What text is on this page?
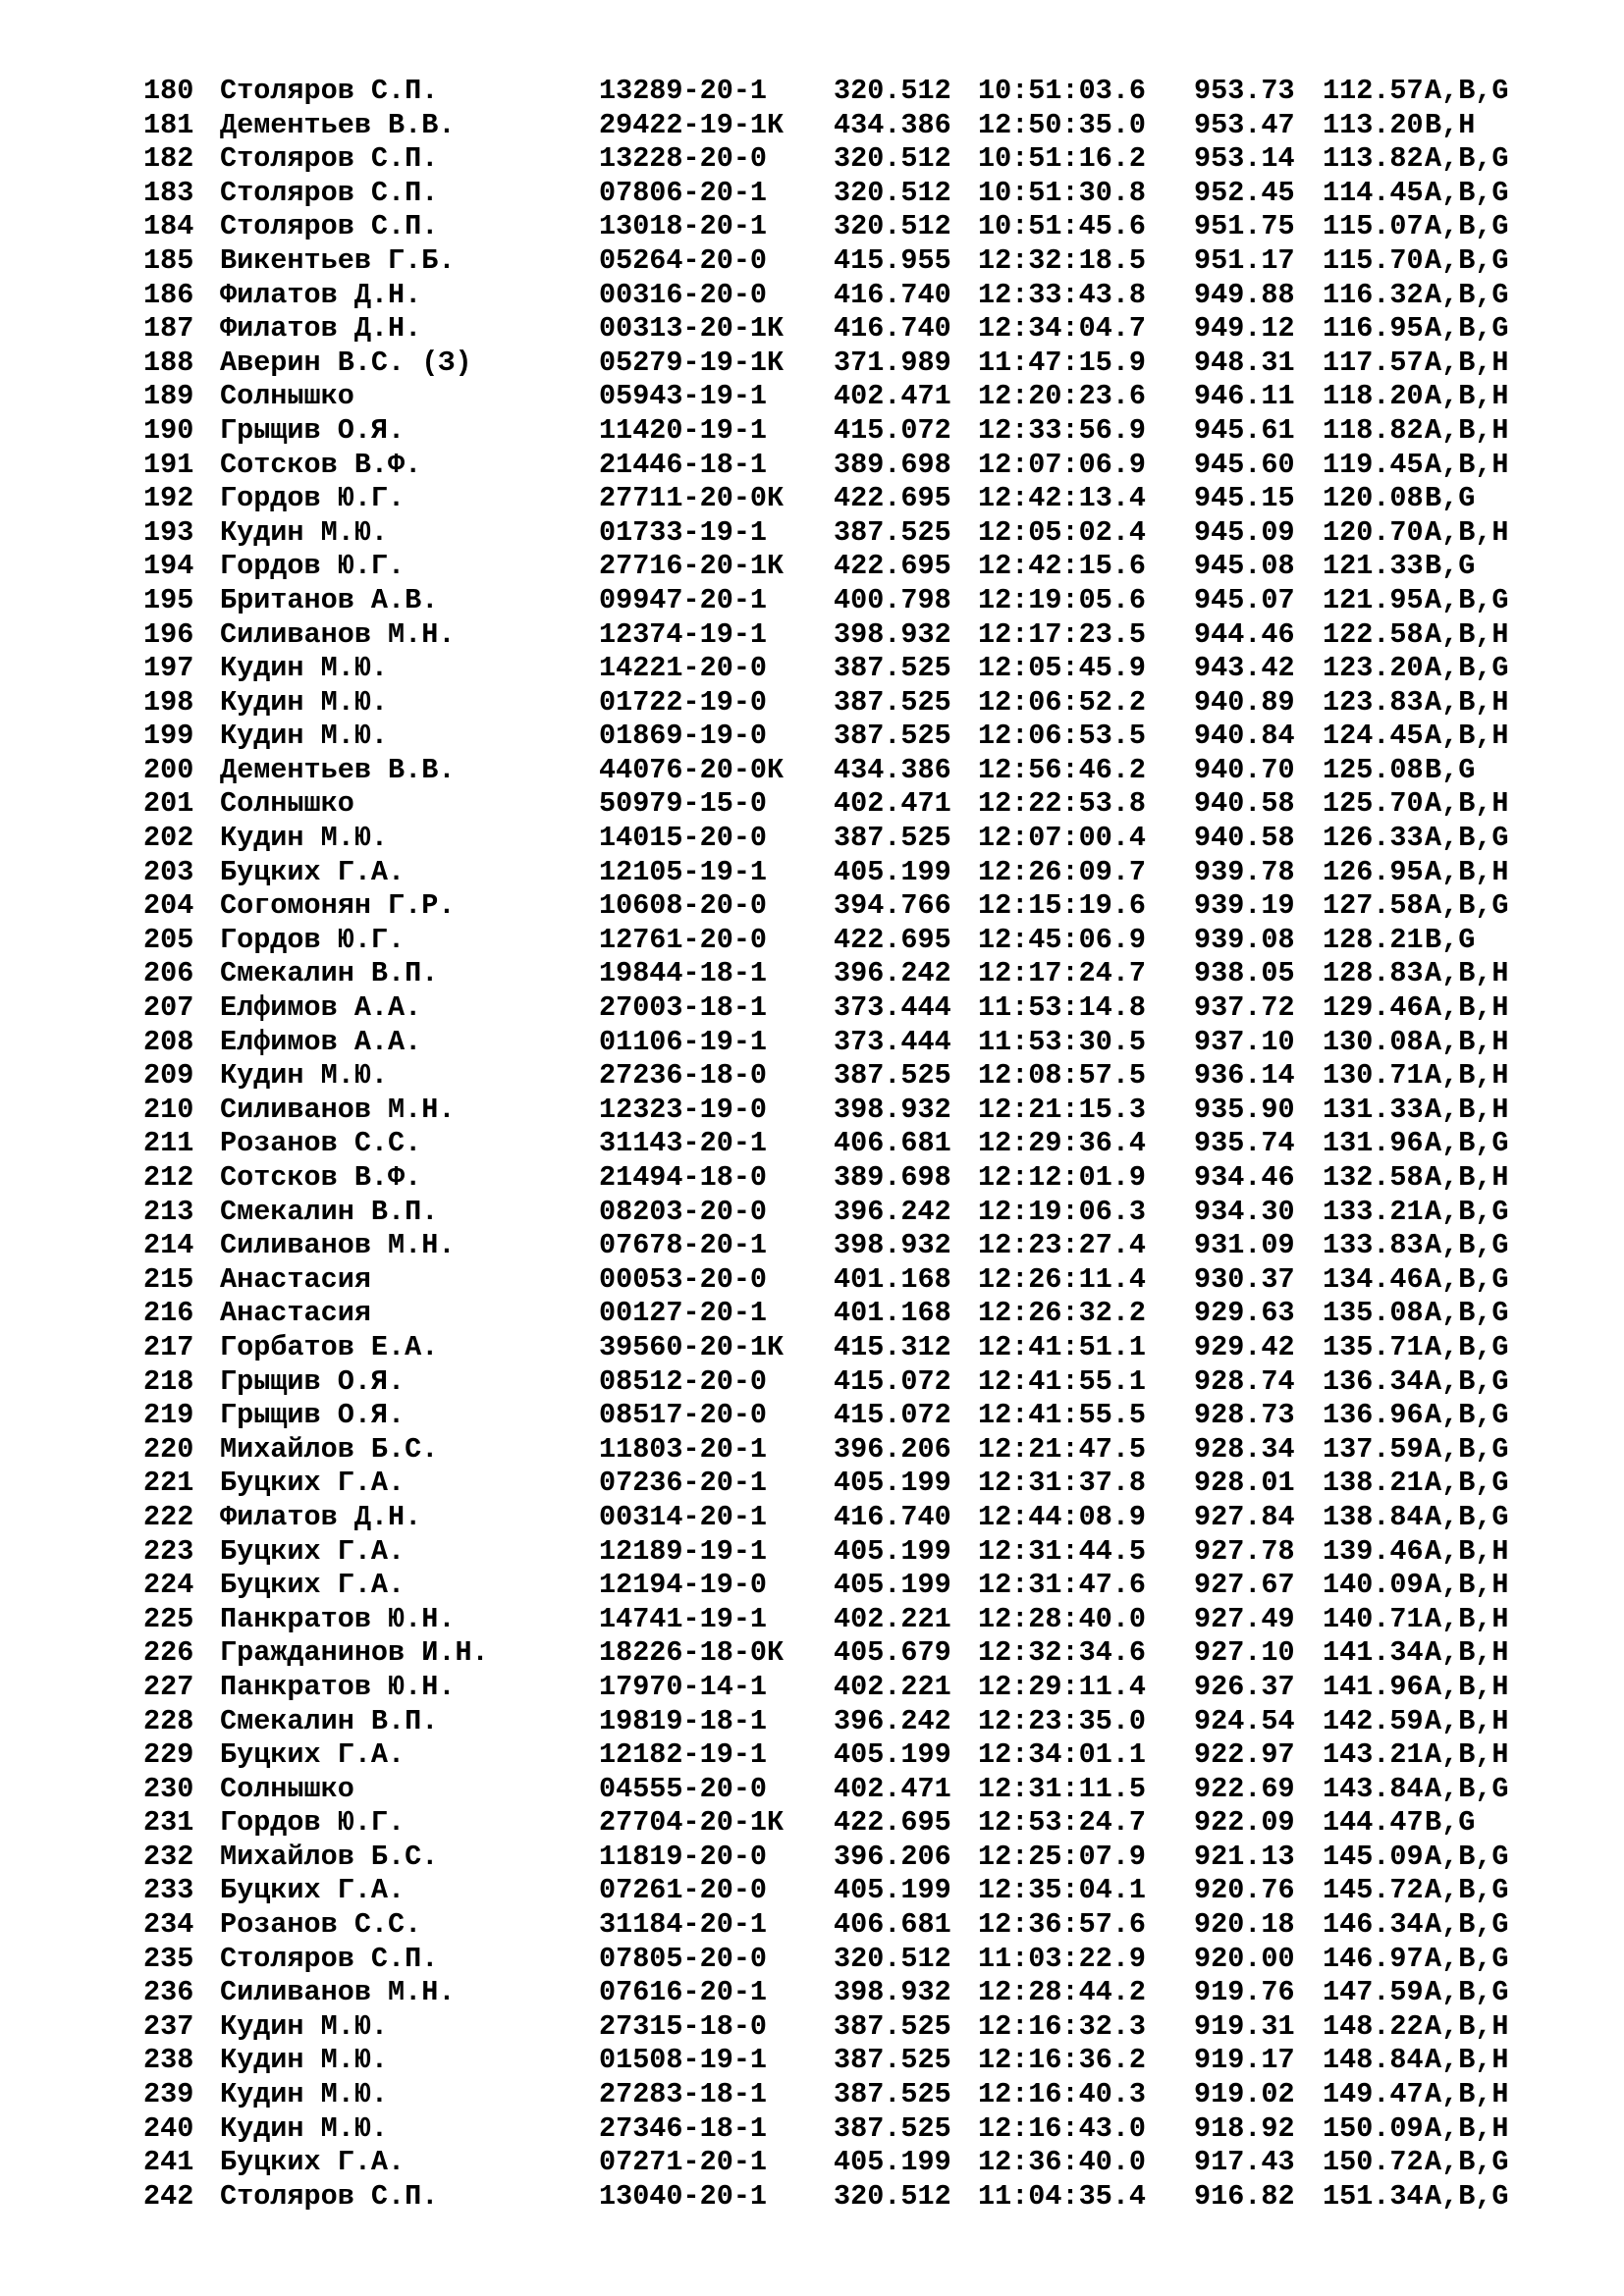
180 Столяров С.П.	13289-20-1	320.512 10:51:03.6	953.73 112.57 A,B,G
181 Дементьев В.В.	29422-19-1К	434.386 12:50:35.0	953.47 113.20 B,H
182 Столяров С.П.	13228-20-0	320.512 10:51:16.2	953.14 113.82 A,B,G
183 Столяров С.П.	07806-20-1	320.512 10:51:30.8	952.45 114.45 A,B,G
184 Столяров С.П.	13018-20-1	320.512 10:51:45.6	951.75 115.07 A,B,G
185 Викентьев Г.Б.	05264-20-0	415.955 12:32:18.5	951.17 115.70 A,B,G
186 Филатов Д.Н.	00316-20-0	416.740 12:33:43.8	949.88 116.32 A,B,G
187 Филатов Д.Н.	00313-20-1К	416.740 12:34:04.7	949.12 116.95 A,B,G
188 Аверин В.С. (З)	05279-19-1К	371.989 11:47:15.9	948.31 117.57 A,B,H
189 Солнышко	05943-19-1	402.471 12:20:23.6	946.11 118.20 A,B,H
190 Грыщив О.Я.	11420-19-1	415.072 12:33:56.9	945.61 118.82 A,B,H
191 Сотсков В.Ф.	21446-18-1	389.698 12:07:06.9	945.60 119.45 A,B,H
192 Гордов Ю.Г.	27711-20-0К	422.695 12:42:13.4	945.15 120.08 B,G
193 Кудин М.Ю.	01733-19-1	387.525 12:05:02.4	945.09 120.70 A,B,H
194 Гордов Ю.Г.	27716-20-1К	422.695 12:42:15.6	945.08 121.33 B,G
195 Британов А.В.	09947-20-1	400.798 12:19:05.6	945.07 121.95 A,B,G
196 Силиванов М.Н.	12374-19-1	398.932 12:17:23.5	944.46 122.58 A,B,H
197 Кудин М.Ю.	14221-20-0	387.525 12:05:45.9	943.42 123.20 A,B,G
198 Кудин М.Ю.	01722-19-0	387.525 12:06:52.2	940.89 123.83 A,B,H
199 Кудин М.Ю.	01869-19-0	387.525 12:06:53.5	940.84 124.45 A,B,H
200 Дементьев В.В.	44076-20-0К	434.386 12:56:46.2	940.70 125.08 B,G
201 Солнышко	50979-15-0	402.471 12:22:53.8	940.58 125.70 A,B,H
202 Кудин М.Ю.	14015-20-0	387.525 12:07:00.4	940.58 126.33 A,B,G
203 Буцких Г.А.	12105-19-1	405.199 12:26:09.7	939.78 126.95 A,B,H
204 Согомонян Г.Р.	10608-20-0	394.766 12:15:19.6	939.19 127.58 A,B,G
205 Гордов Ю.Г.	12761-20-0	422.695 12:45:06.9	939.08 128.21 B,G
206 Смекалин В.П.	19844-18-1	396.242 12:17:24.7	938.05 128.83 A,B,H
207 Елфимов А.А.	27003-18-1	373.444 11:53:14.8	937.72 129.46 A,B,H
208 Елфимов А.А.	01106-19-1	373.444 11:53:30.5	937.10 130.08 A,B,H
209 Кудин М.Ю.	27236-18-0	387.525 12:08:57.5	936.14 130.71 A,B,H
210 Силиванов М.Н.	12323-19-0	398.932 12:21:15.3	935.90 131.33 A,B,H
211 Розанов С.С.	31143-20-1	406.681 12:29:36.4	935.74 131.96 A,B,G
212 Сотсков В.Ф.	21494-18-0	389.698 12:12:01.9	934.46 132.58 A,B,H
213 Смекалин В.П.	08203-20-0	396.242 12:19:06.3	934.30 133.21 A,B,G
214 Силиванов М.Н.	07678-20-1	398.932 12:23:27.4	931.09 133.83 A,B,G
215 Анастасия	00053-20-0	401.168 12:26:11.4	930.37 134.46 A,B,G
216 Анастасия	00127-20-1	401.168 12:26:32.2	929.63 135.08 A,B,G
217 Горбатов Е.А.	39560-20-1К	415.312 12:41:51.1	929.42 135.71 A,B,G
218 Грыщив О.Я.	08512-20-0	415.072 12:41:55.1	928.74 136.34 A,B,G
219 Грыщив О.Я.	08517-20-0	415.072 12:41:55.5	928.73 136.96 A,B,G
220 Михайлов Б.С.	11803-20-1	396.206 12:21:47.5	928.34 137.59 A,B,G
221 Буцких Г.А.	07236-20-1	405.199 12:31:37.8	928.01 138.21 A,B,G
222 Филатов Д.Н.	00314-20-1	416.740 12:44:08.9	927.84 138.84 A,B,G
223 Буцких Г.А.	12189-19-1	405.199 12:31:44.5	927.78 139.46 A,B,H
224 Буцких Г.А.	12194-19-0	405.199 12:31:47.6	927.67 140.09 A,B,H
225 Панкратов Ю.Н.	14741-19-1	402.221 12:28:40.0	927.49 140.71 A,B,H
226 Гражданинов И.Н.	18226-18-0К	405.679 12:32:34.6	927.10 141.34 A,B,H
227 Панкратов Ю.Н.	17970-14-1	402.221 12:29:11.4	926.37 141.96 A,B,H
228 Смекалин В.П.	19819-18-1	396.242 12:23:35.0	924.54 142.59 A,B,H
229 Буцких Г.А.	12182-19-1	405.199 12:34:01.1	922.97 143.21 A,B,H
230 Солнышко	04555-20-0	402.471 12:31:11.5	922.69 143.84 A,B,G
231 Гордов Ю.Г.	27704-20-1К	422.695 12:53:24.7	922.09 144.47 B,G
232 Михайлов Б.С.	11819-20-0	396.206 12:25:07.9	921.13 145.09 A,B,G
233 Буцких Г.А.	07261-20-0	405.199 12:35:04.1	920.76 145.72 A,B,G
234 Розанов С.С.	31184-20-1	406.681 12:36:57.6	920.18 146.34 A,B,G
235 Столяров С.П.	07805-20-0	320.512 11:03:22.9	920.00 146.97 A,B,G
236 Силиванов М.Н.	07616-20-1	398.932 12:28:44.2	919.76 147.59 A,B,G
237 Кудин М.Ю.	27315-18-0	387.525 12:16:32.3	919.31 148.22 A,B,H
238 Кудин М.Ю.	01508-19-1	387.525 12:16:36.2	919.17 148.84 A,B,H
239 Кудин М.Ю.	27283-18-1	387.525 12:16:40.3	919.02 149.47 A,B,H
240 Кудин М.Ю.	27346-18-1	387.525 12:16:43.0	918.92 150.09 A,B,H
241 Буцких Г.А.	07271-20-1	405.199 12:36:40.0	917.43 150.72 A,B,G
242 Столяров С.П.	13040-20-1	320.512 11:04:35.4	916.82 151.34 A,B,G
